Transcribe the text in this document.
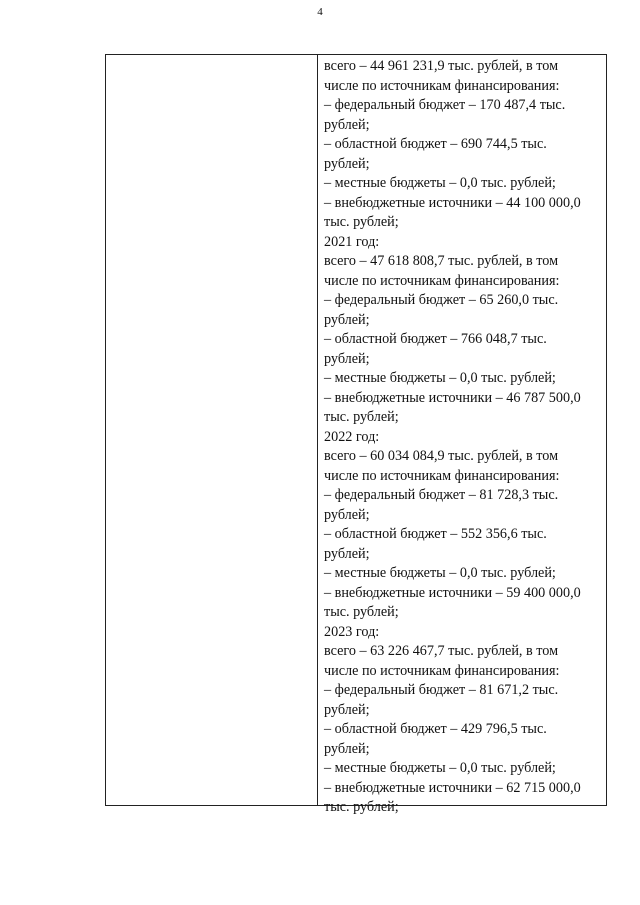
4
всего – 44 961 231,9 тыс. рублей, в том
числе по источникам финансирования:
– федеральный бюджет – 170 487,4 тыс.
рублей;
– областной бюджет – 690 744,5 тыс.
рублей;
– местные бюджеты – 0,0 тыс. рублей;
– внебюджетные источники – 44 100 000,0
тыс. рублей;
2021 год:
всего – 47 618 808,7 тыс. рублей, в том
числе по источникам финансирования:
– федеральный бюджет – 65 260,0 тыс.
рублей;
– областной бюджет – 766 048,7 тыс.
рублей;
– местные бюджеты – 0,0 тыс. рублей;
– внебюджетные источники – 46 787 500,0
тыс. рублей;
2022 год:
всего – 60 034 084,9 тыс. рублей, в том
числе по источникам финансирования:
– федеральный бюджет – 81 728,3 тыс.
рублей;
– областной бюджет – 552 356,6 тыс.
рублей;
– местные бюджеты – 0,0 тыс. рублей;
– внебюджетные источники – 59 400 000,0
тыс. рублей;
2023 год:
всего – 63 226 467,7 тыс. рублей, в том
числе по источникам финансирования:
– федеральный бюджет – 81 671,2 тыс.
рублей;
– областной бюджет – 429 796,5 тыс.
рублей;
– местные бюджеты – 0,0 тыс. рублей;
– внебюджетные источники – 62 715 000,0
тыс. рублей;
